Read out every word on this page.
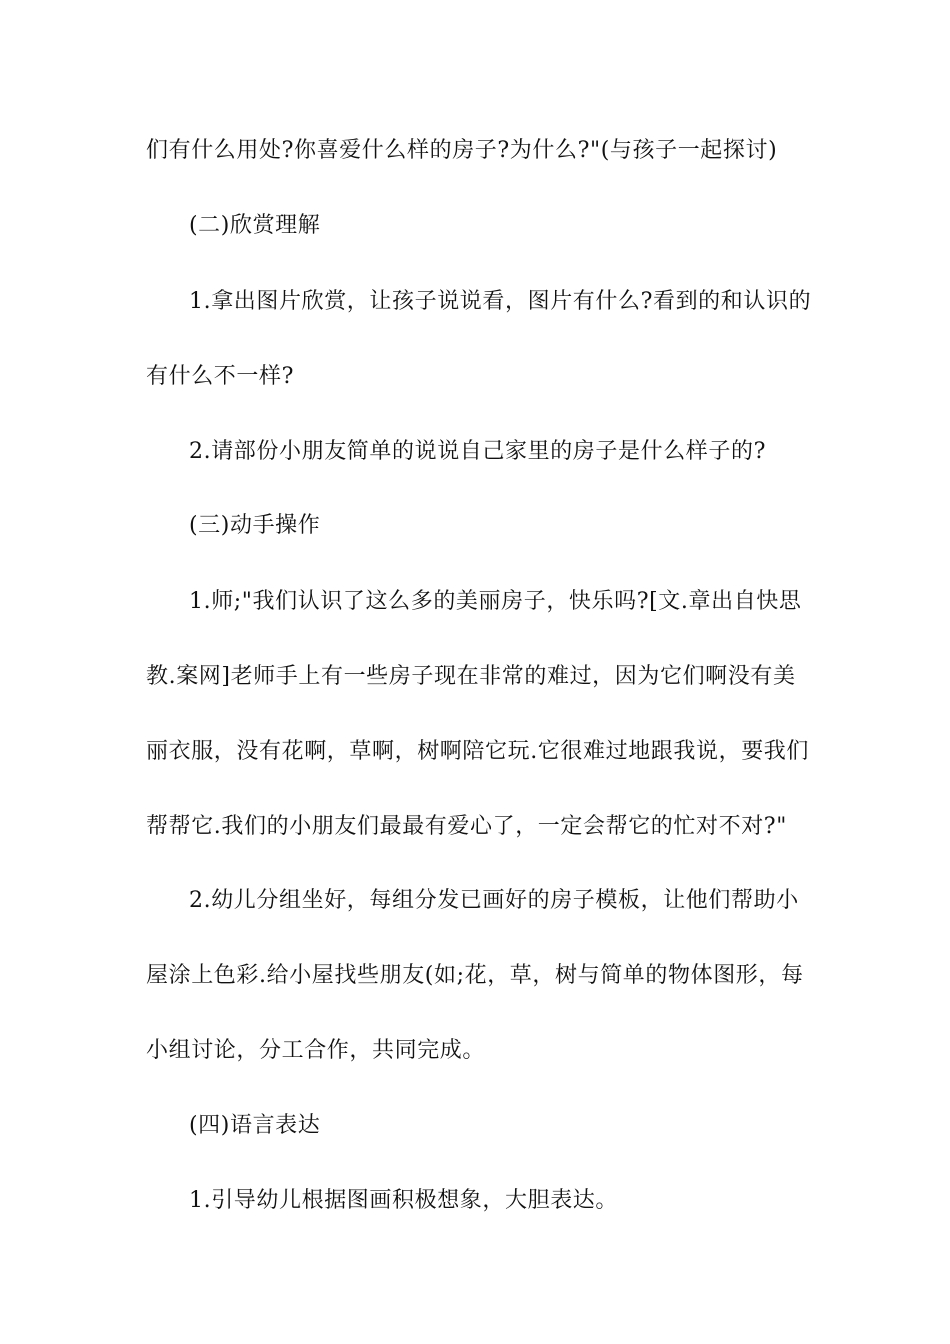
们有什么用处?你喜爱什么样的房子?为什么?"(与孩子一起探讨)

(二)欣赏理解

1.拿出图片欣赏，让孩子说说看，图片有什么?看到的和认识的

有什么不一样?

2.请部份小朋友简单的说说自己家里的房子是什么样子的?

(三)动手操作

1.师;"我们认识了这么多的美丽房子，快乐吗?[文.章出自快思

教.案网]老师手上有一些房子现在非常的难过，因为它们啊没有美

丽衣服，没有花啊，草啊，树啊陪它玩.它很难过地跟我说，要我们

帮帮它.我们的小朋友们最最有爱心了，一定会帮它的忙对不对?"

2.幼儿分组坐好，每组分发已画好的房子模板，让他们帮助小

屋涂上色彩.给小屋找些朋友(如;花，草，树与简单的物体图形，每

小组讨论，分工合作，共同完成。

(四)语言表达

1.引导幼儿根据图画积极想象，大胆表达。
